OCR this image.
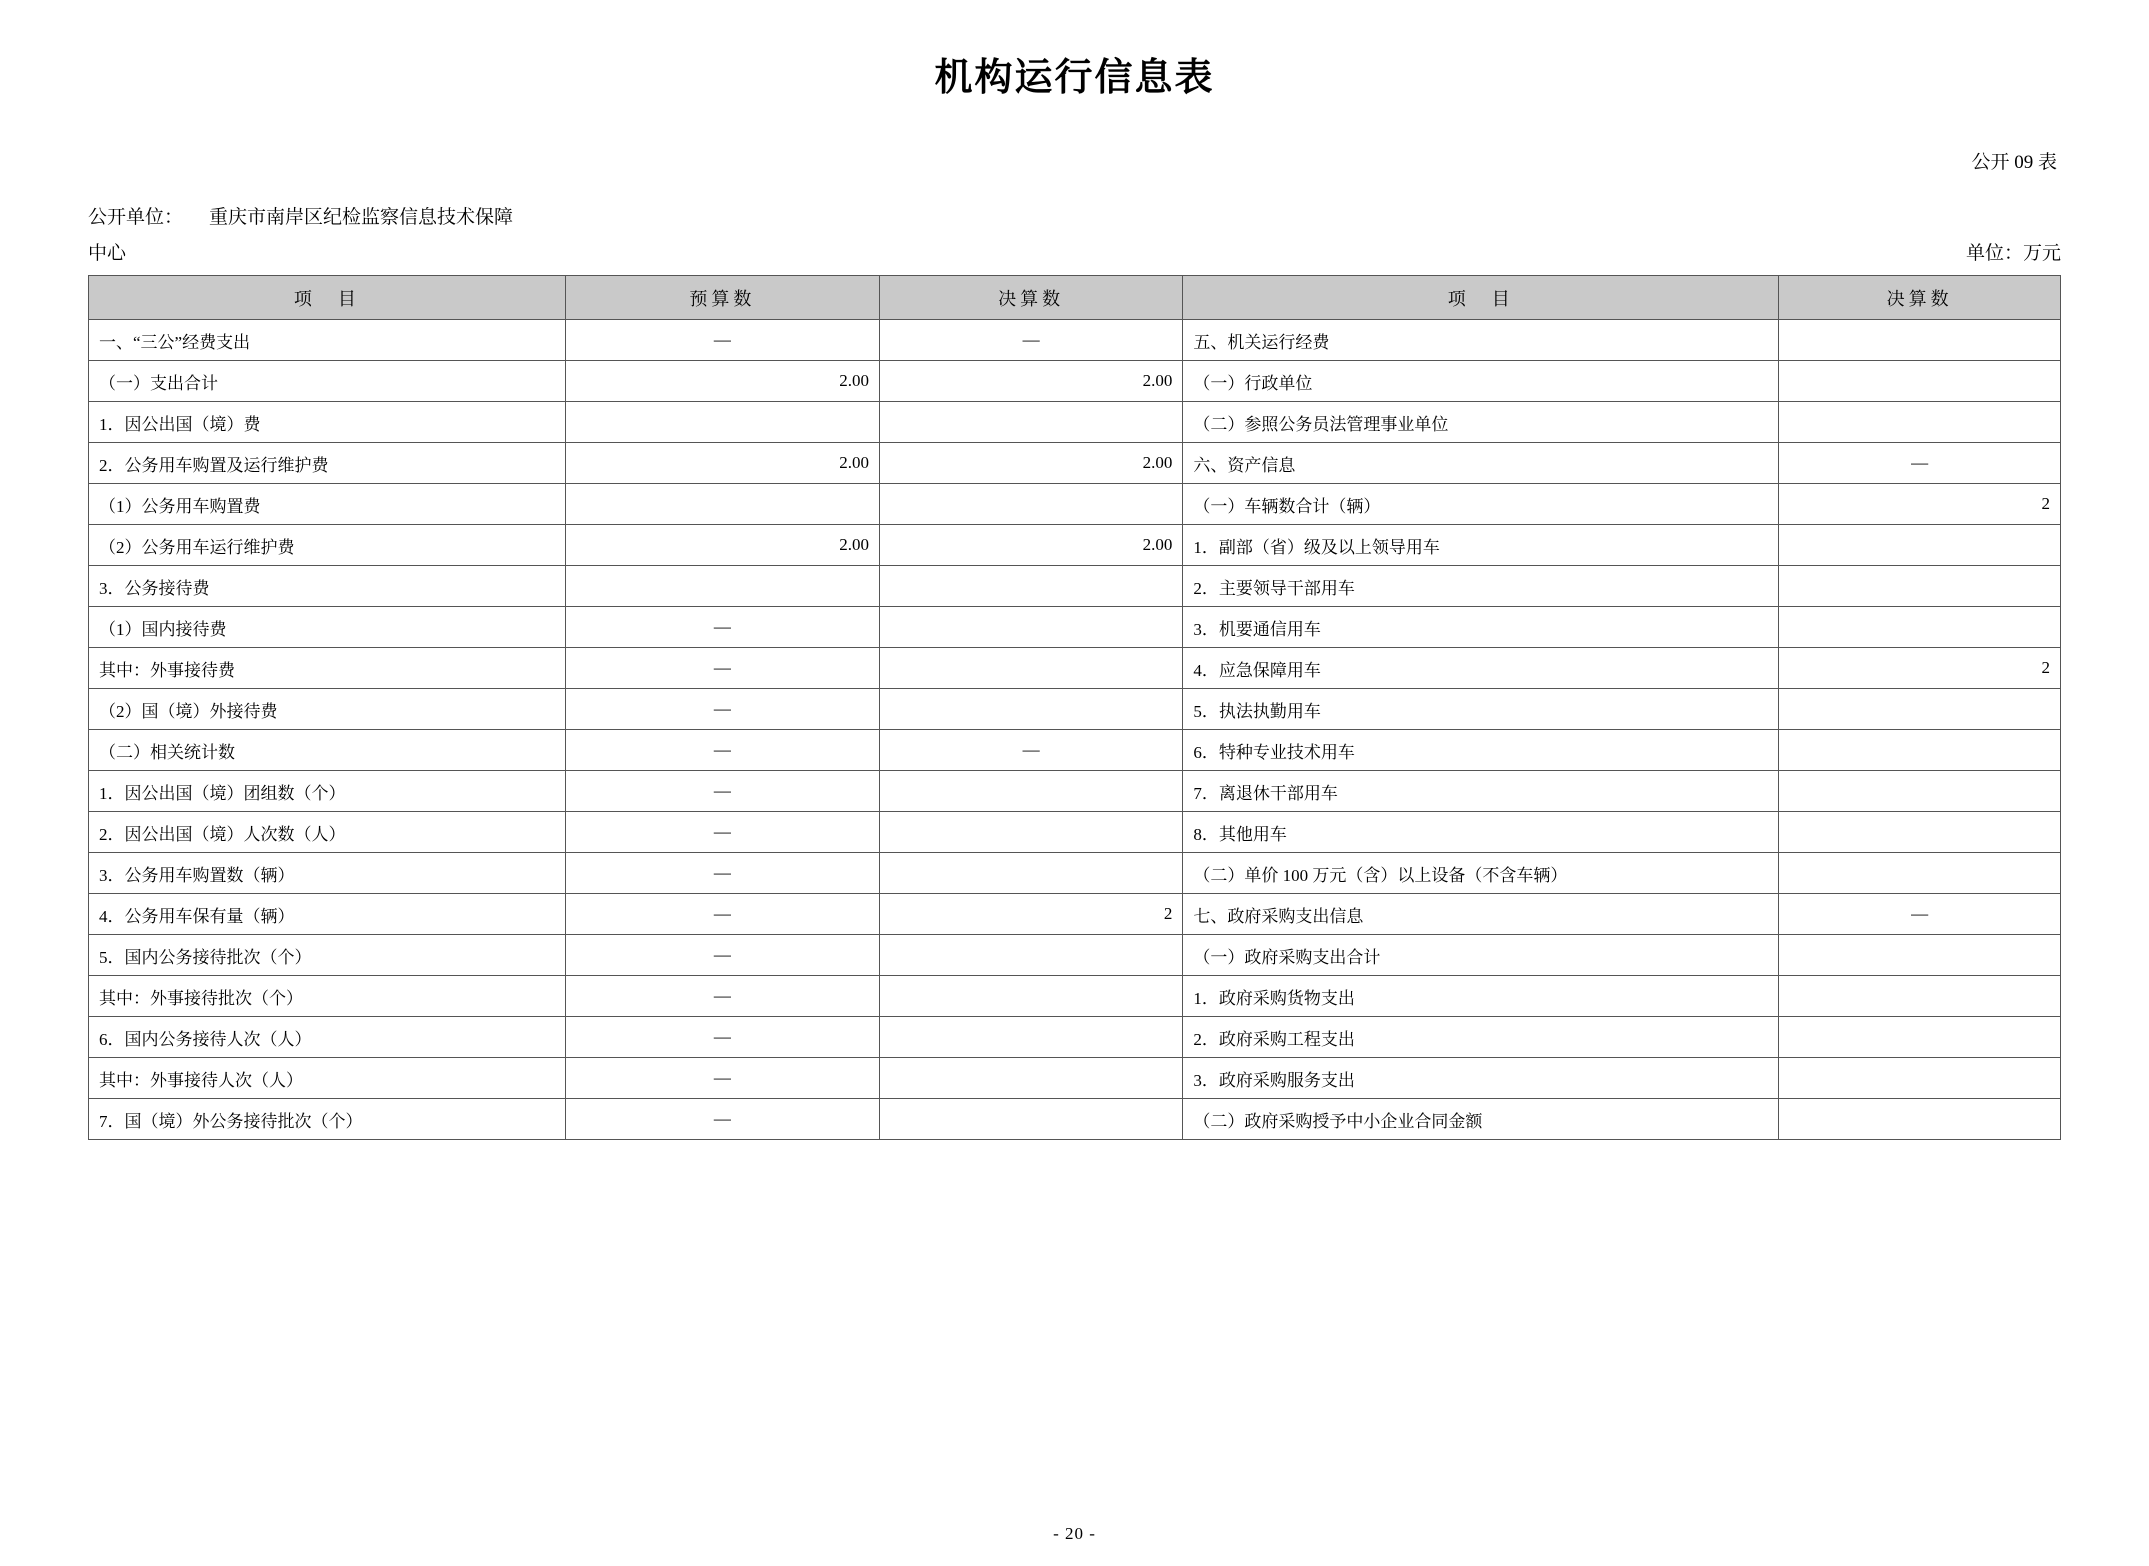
机构运行信息表
公开 09 表
公开单位： 重庆市南岸区纪检监察信息技术保障
中心	单位：万元
项　目	预算数	决算数	项　目	决算数
一、“三公”经费支出	—	—	五、机关运行经费	
（一）支出合计	2.00	2.00	（一）行政单位	
1．因公出国（境）费			（二）参照公务员法管理事业单位	
2．公务用车购置及运行维护费	2.00	2.00	六、资产信息	—
（1）公务用车购置费			（一）车辆数合计（辆）	2
（2）公务用车运行维护费	2.00	2.00	1．副部（省）级及以上领导用车	
3．公务接待费			2．主要领导干部用车	
（1）国内接待费	—		3．机要通信用车	
其中：外事接待费	—		4．应急保障用车	2
（2）国（境）外接待费	—		5．执法执勤用车	
（二）相关统计数	—	—	6．特种专业技术用车	
1．因公出国（境）团组数（个）	—		7．离退休干部用车	
2．因公出国（境）人次数（人）	—		8．其他用车	
3．公务用车购置数（辆）	—		（二）单价 100 万元（含）以上设备（不含车辆）	
4．公务用车保有量（辆）	—	2	七、政府采购支出信息	—
5．国内公务接待批次（个）	—		（一）政府采购支出合计	
其中：外事接待批次（个）	—		1．政府采购货物支出	
6．国内公务接待人次（人）	—		2．政府采购工程支出	
其中：外事接待人次（人）	—		3．政府采购服务支出	
7．国（境）外公务接待批次（个）	—		（二）政府采购授予中小企业合同金额	
- 20 -
